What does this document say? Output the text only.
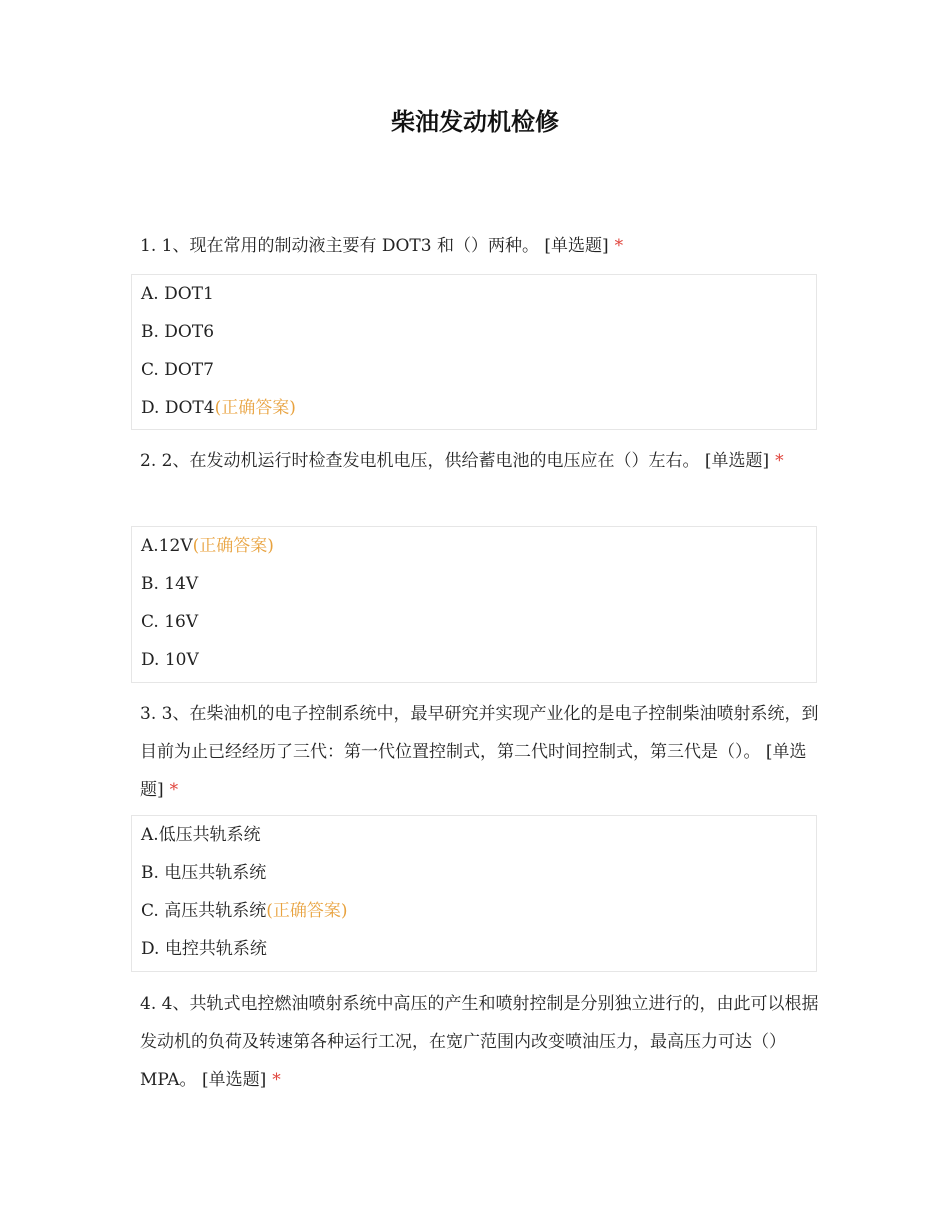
柴油发动机检修
1. 1、现在常用的制动液主要有 DOT3 和（）两种。 [单选题] *
A. DOT1
B. DOT6
C. DOT7
D. DOT4(正确答案)
2. 2、在发动机运行时检查发电机电压，供给蓄电池的电压应在（）左右。 [单选题] *
A.12V(正确答案)
B. 14V
C. 16V
D. 10V
3. 3、在柴油机的电子控制系统中，最早研究并实现产业化的是电子控制柴油喷射系统，到目前为止已经经历了三代：第一代位置控制式，第二代时间控制式，第三代是（）。 [单选题] *
A.低压共轨系统
B. 电压共轨系统
C. 高压共轨系统(正确答案)
D. 电控共轨系统
4. 4、共轨式电控燃油喷射系统中高压的产生和喷射控制是分别独立进行的，由此可以根据发动机的负荷及转速第各种运行工况，在宽广范围内改变喷油压力，最高压力可达（）MPA。 [单选题] *
